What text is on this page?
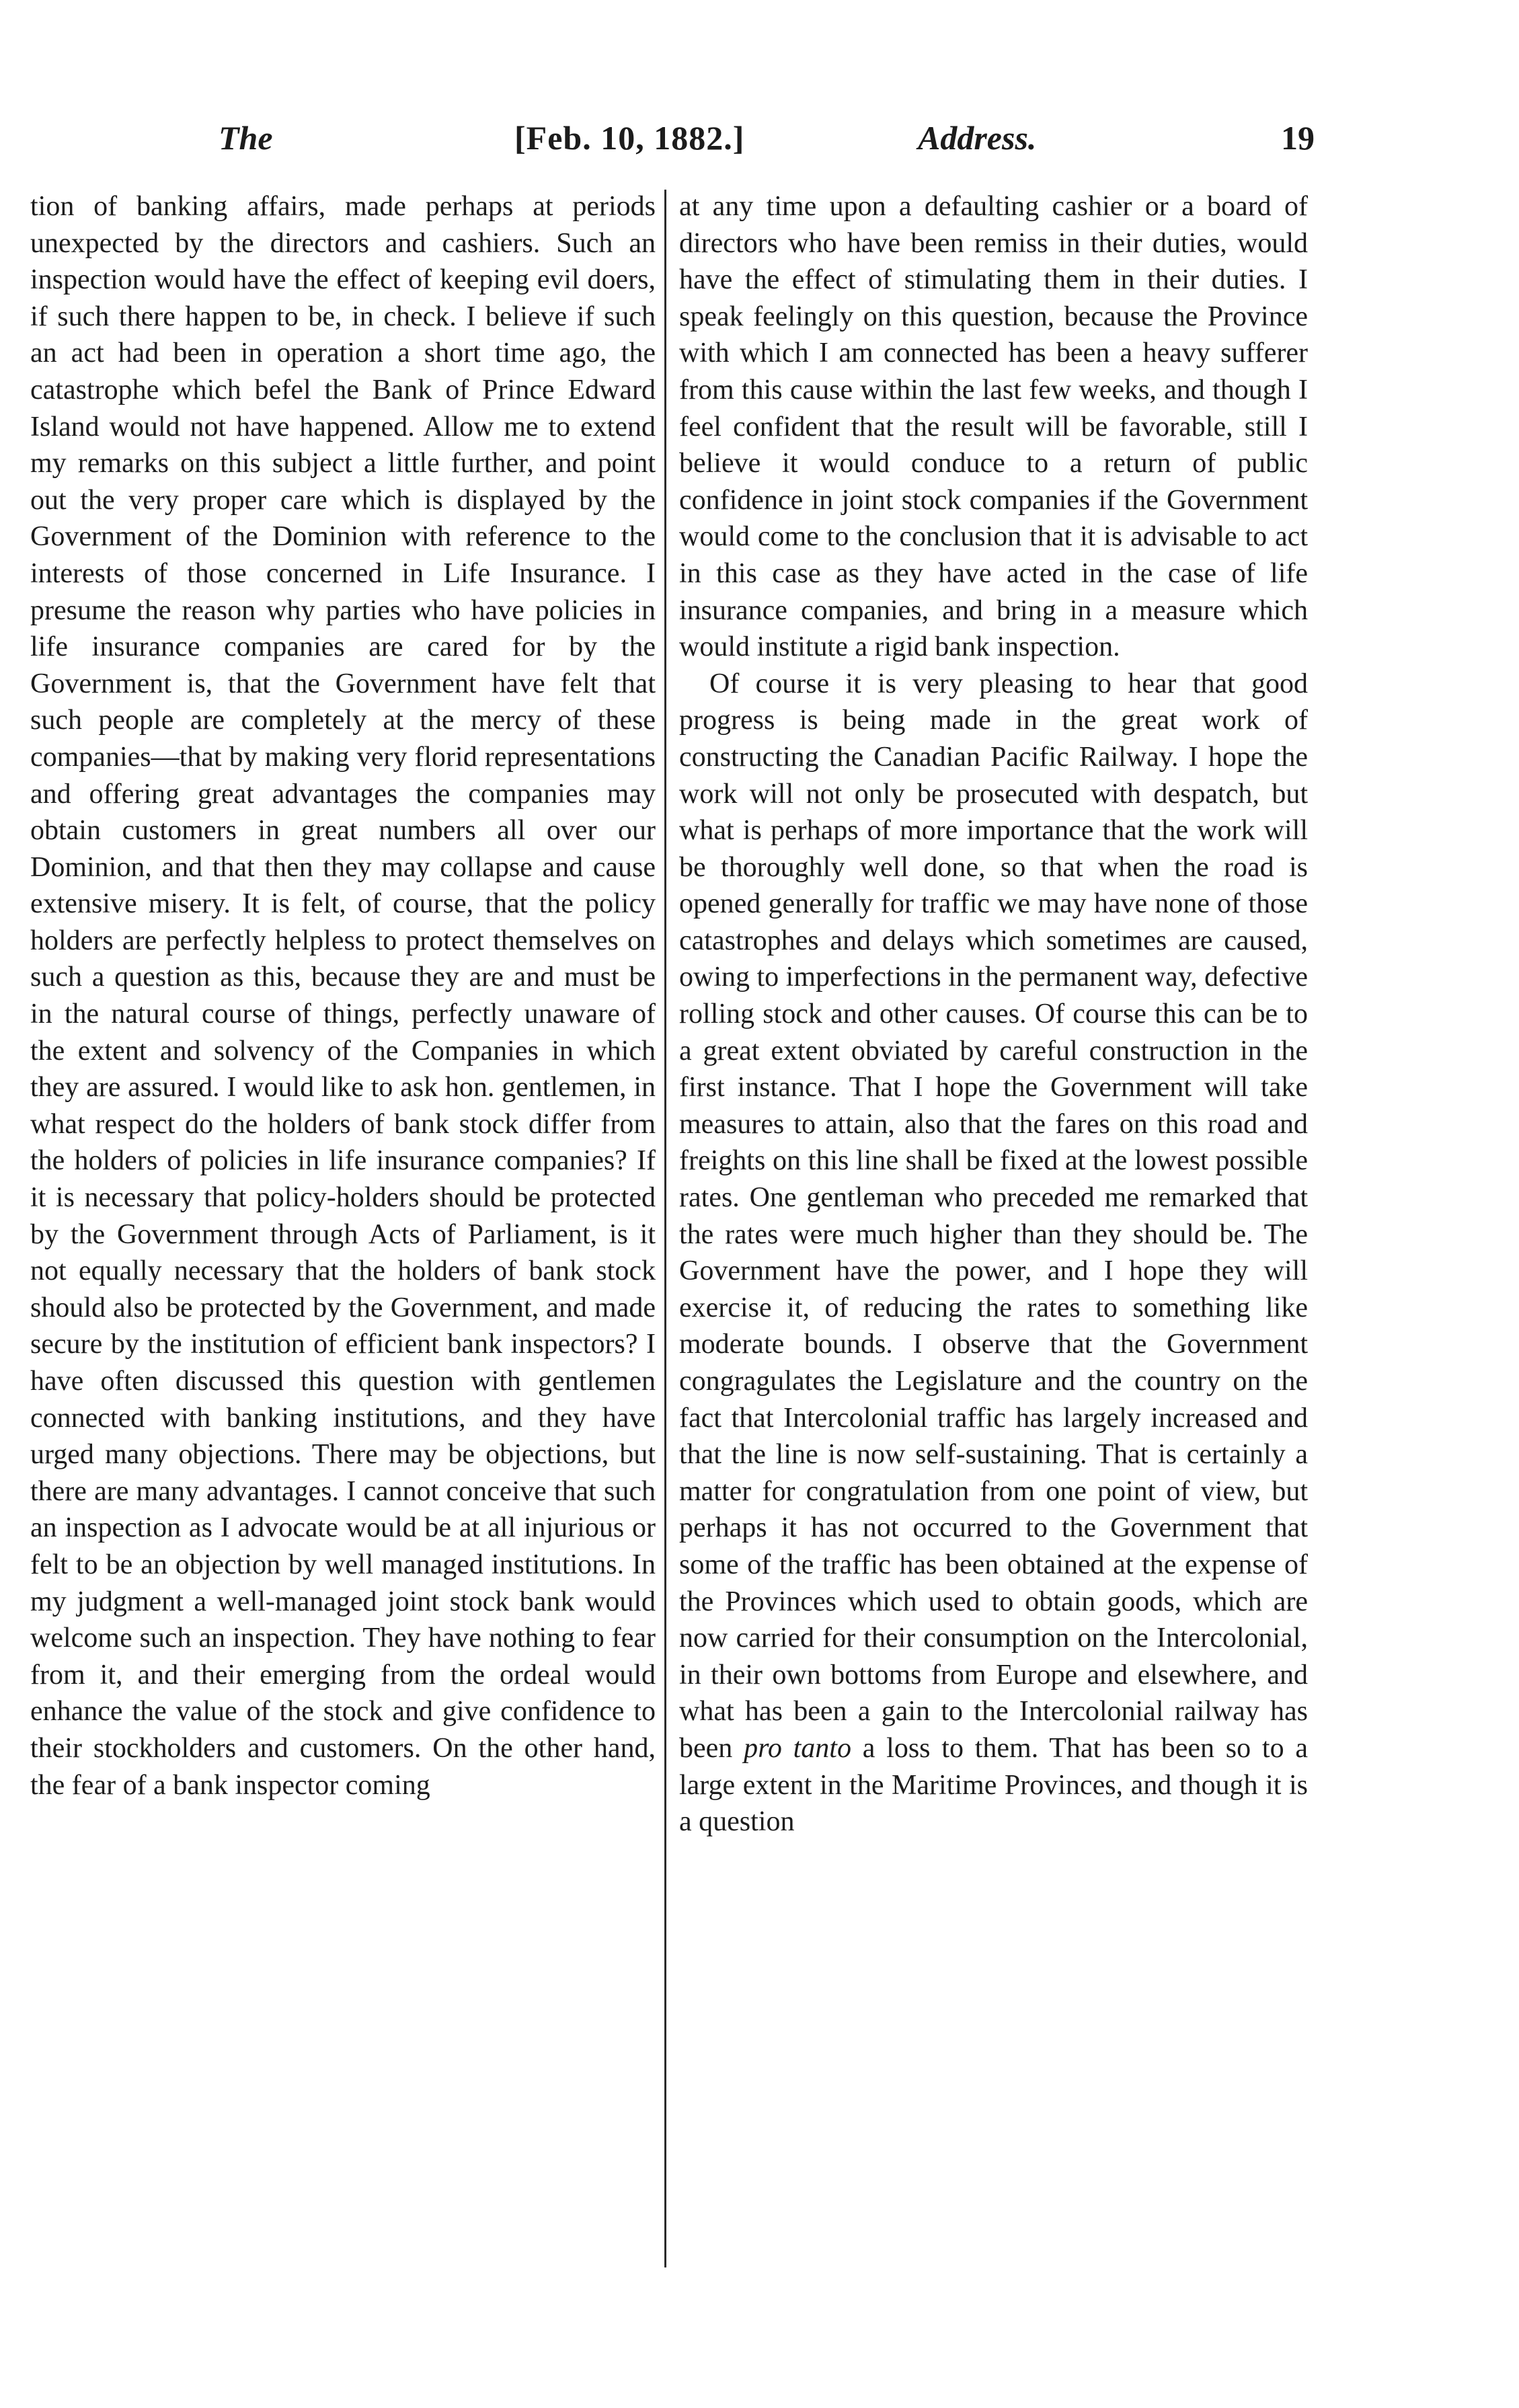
The	[Feb. 10, 1882.]	Address.	19

tion of banking affairs, made perhaps at periods unexpected by the directors and cashiers. Such an inspection would have the effect of keeping evil doers, if such there happen to be, in check. I believe if such an act had been in operation a short time ago, the catastrophe which befel the Bank of Prince Edward Island would not have happened. Allow me to extend my remarks on this subject a little further, and point out the very proper care which is displayed by the Government of the Dominion with reference to the interests of those concerned in Life Insurance. I presume the reason why parties who have policies in life insurance companies are cared for by the Government is, that the Government have felt that such people are completely at the mercy of these companies—that by making very florid representations and offering great advantages the companies may obtain customers in great numbers all over our Dominion, and that then they may collapse and cause extensive misery. It is felt, of course, that the policy holders are perfectly helpless to protect themselves on such a question as this, because they are and must be in the natural course of things, perfectly unaware of the extent and solvency of the Companies in which they are assured. I would like to ask hon. gentlemen, in what respect do the holders of bank stock differ from the holders of policies in life insurance companies? If it is necessary that policy-holders should be protected by the Government through Acts of Parliament, is it not equally necessary that the holders of bank stock should also be protected by the Government, and made secure by the institution of efficient bank inspectors? I have often discussed this question with gentlemen connected with banking institutions, and they have urged many objections. There may be objections, but there are many advantages. I cannot conceive that such an inspection as I advocate would be at all injurious or felt to be an objection by well managed institutions. In my judgment a well-managed joint stock bank would welcome such an inspection. They have nothing to fear from it, and their emerging from the ordeal would enhance the value of the stock and give confidence to their stockholders and customers. On the other hand, the fear of a bank inspector coming

at any time upon a defaulting cashier or a board of directors who have been remiss in their duties, would have the effect of stimulating them in their duties. I speak feelingly on this question, because the Province with which I am connected has been a heavy sufferer from this cause within the last few weeks, and though I feel confident that the result will be favorable, still I believe it would conduce to a return of public confidence in joint stock companies if the Government would come to the conclusion that it is advisable to act in this case as they have acted in the case of life insurance companies, and bring in a measure which would institute a rigid bank inspection.

Of course it is very pleasing to hear that good progress is being made in the great work of constructing the Canadian Pacific Railway. I hope the work will not only be prosecuted with despatch, but what is perhaps of more importance that the work will be thoroughly well done, so that when the road is opened generally for traffic we may have none of those catastrophes and delays which sometimes are caused, owing to imperfections in the permanent way, defective rolling stock and other causes. Of course this can be to a great extent obviated by careful construction in the first instance. That I hope the Government will take measures to attain, also that the fares on this road and freights on this line shall be fixed at the lowest possible rates. One gentleman who preceded me remarked that the rates were much higher than they should be. The Government have the power, and I hope they will exercise it, of reducing the rates to something like moderate bounds. I observe that the Government congragulates the Legislature and the country on the fact that Intercolonial traffic has largely increased and that the line is now self-sustaining. That is certainly a matter for congratulation from one point of view, but perhaps it has not occurred to the Government that some of the traffic has been obtained at the expense of the Provinces which used to obtain goods, which are now carried for their consumption on the Intercolonial, in their own bottoms from Europe and elsewhere, and what has been a gain to the Intercolonial railway has been pro tanto a loss to them. That has been so to a large extent in the Maritime Provinces, and though it is a question
